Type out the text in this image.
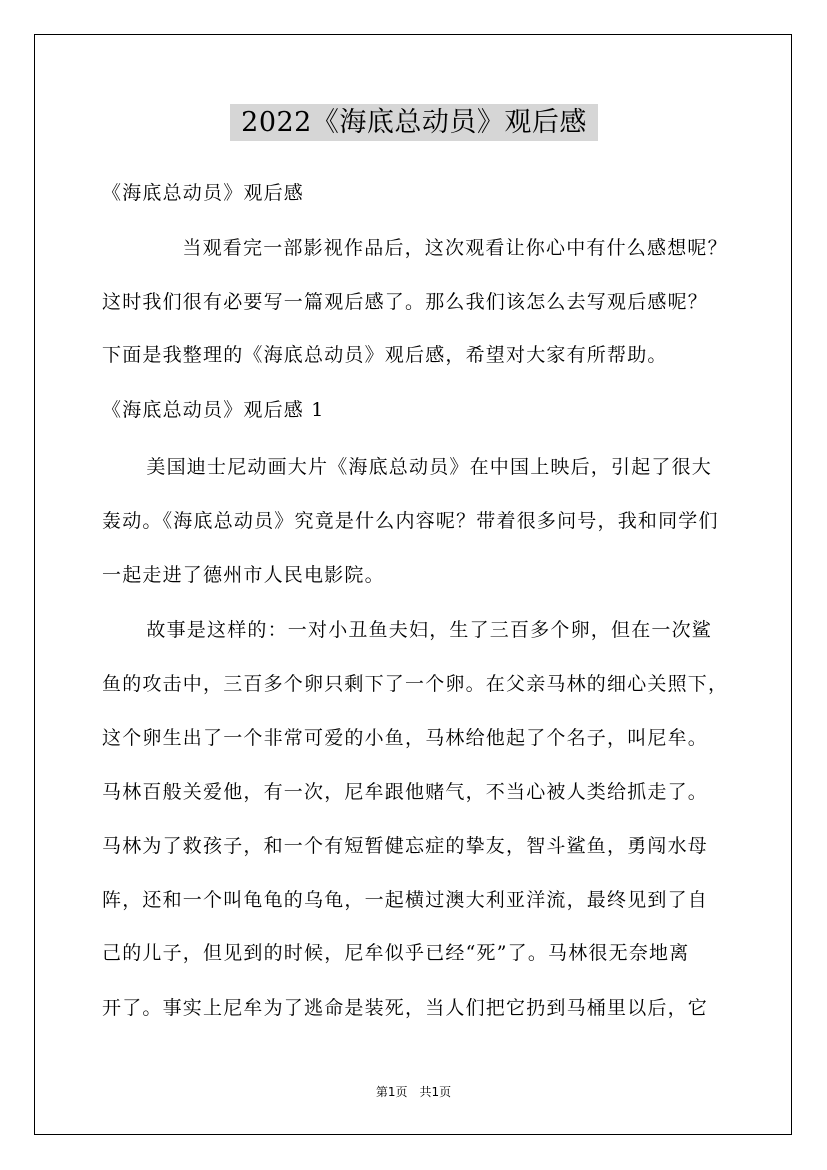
2022《海底总动员》观后感
《海底总动员》观后感
　　当观看完一部影视作品后，这次观看让你心中有什么感想呢？
这时我们很有必要写一篇观后感了。那么我们该怎么去写观后感呢？
下面是我整理的《海底总动员》观后感，希望对大家有所帮助。
《海底总动员》观后感 1
　　美国迪士尼动画大片《海底总动员》在中国上映后，引起了很大
轰动。《海底总动员》究竟是什么内容呢？带着很多问号，我和同学们
一起走进了德州市人民电影院。
　　故事是这样的：一对小丑鱼夫妇，生了三百多个卵，但在一次鲨
鱼的攻击中，三百多个卵只剩下了一个卵。在父亲马林的细心关照下，
这个卵生出了一个非常可爱的小鱼，马林给他起了个名子，叫尼牟。
马林百般关爱他，有一次，尼牟跟他赌气，不当心被人类给抓走了。
马林为了救孩子，和一个有短暂健忘症的挚友，智斗鲨鱼，勇闯水母
阵，还和一个叫龟龟的乌龟，一起横过澳大利亚洋流，最终见到了自
己的儿子，但见到的时候，尼牟似乎已经“死”了。马林很无奈地离
开了。事实上尼牟为了逃命是装死，当人们把它扔到马桶里以后，它
第1页　共1页
